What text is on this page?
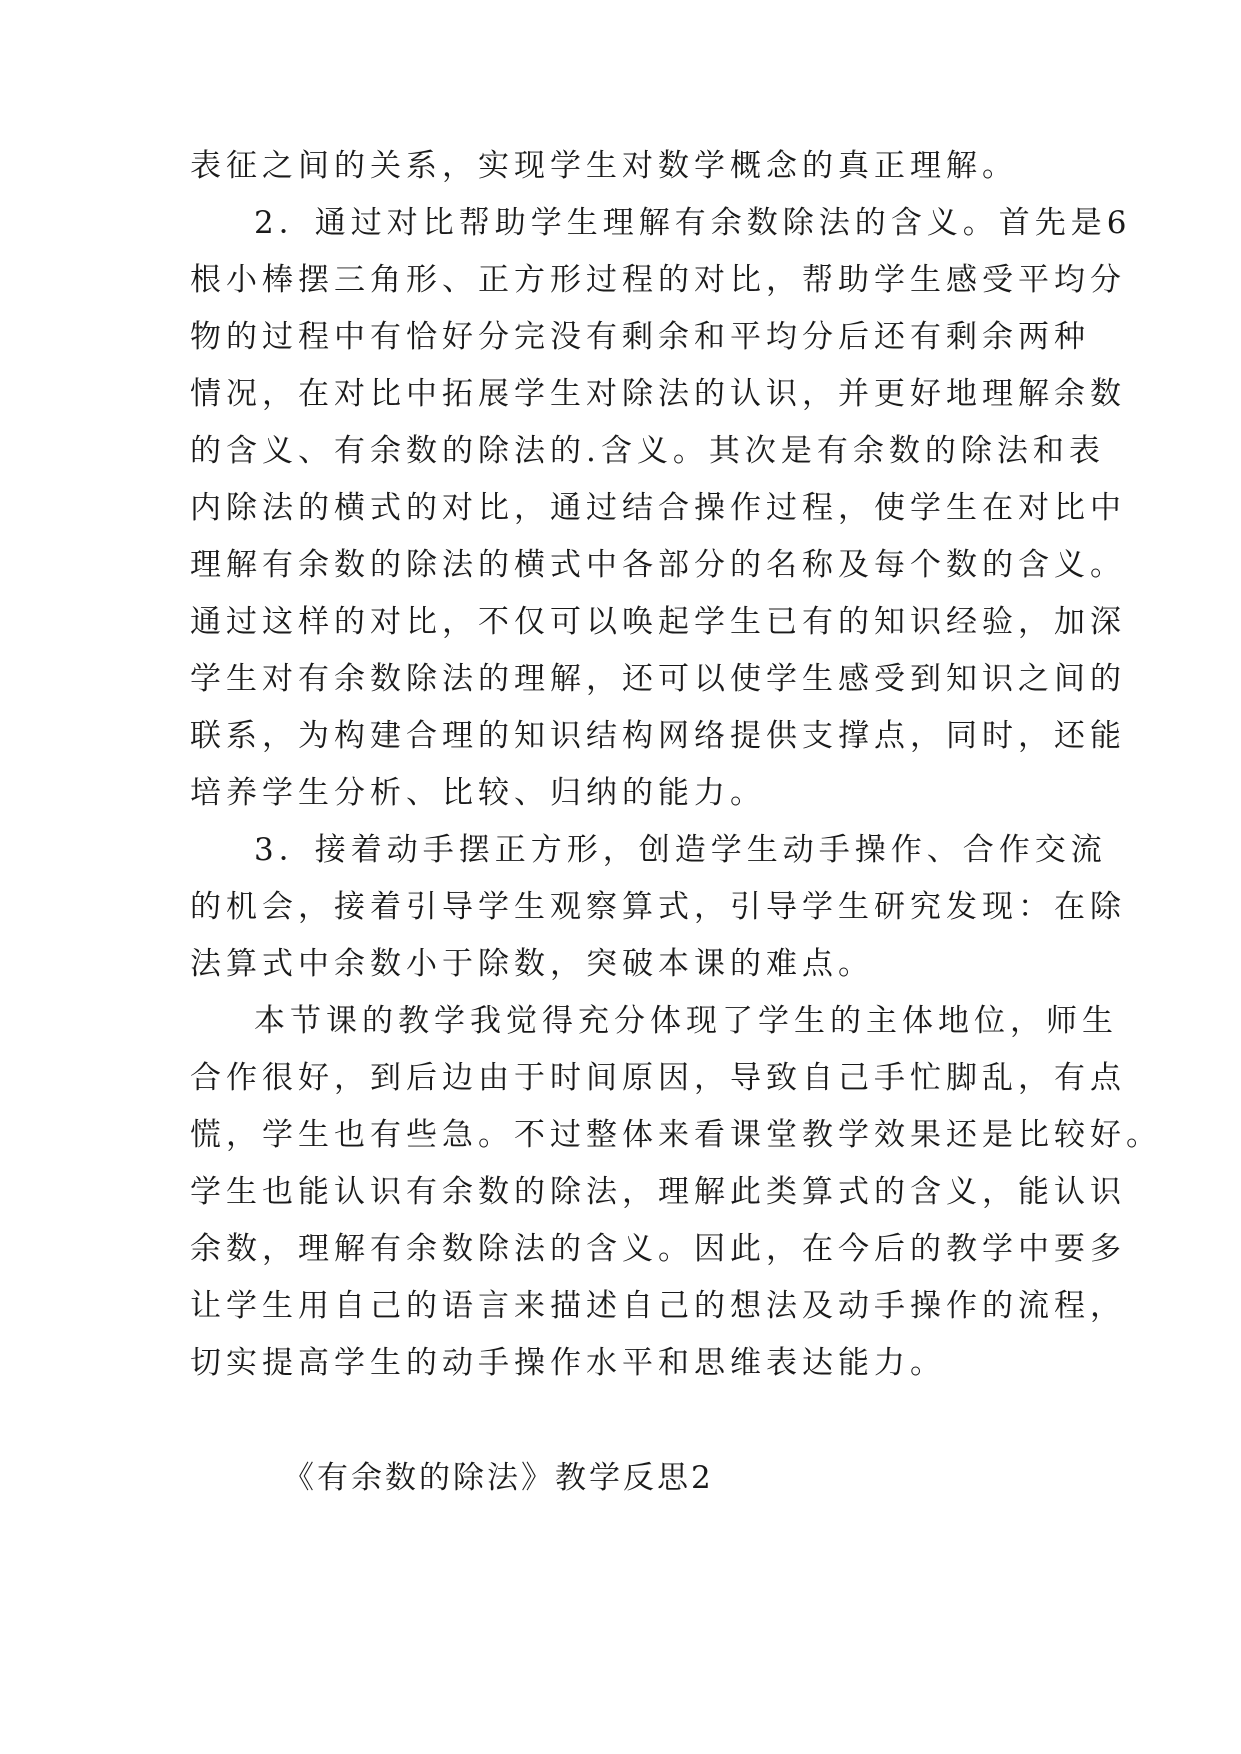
表征之间的关系，实现学生对数学概念的真正理解。
2．通过对比帮助学生理解有余数除法的含义。首先是6
根小棒摆三角形、正方形过程的对比，帮助学生感受平均分
物的过程中有恰好分完没有剩余和平均分后还有剩余两种
情况，在对比中拓展学生对除法的认识，并更好地理解余数
的含义、有余数的除法的.含义。其次是有余数的除法和表
内除法的横式的对比，通过结合操作过程，使学生在对比中
理解有余数的除法的横式中各部分的名称及每个数的含义。
通过这样的对比，不仅可以唤起学生已有的知识经验，加深
学生对有余数除法的理解，还可以使学生感受到知识之间的
联系，为构建合理的知识结构网络提供支撑点，同时，还能
培养学生分析、比较、归纳的能力。
3．接着动手摆正方形，创造学生动手操作、合作交流
的机会，接着引导学生观察算式，引导学生研究发现：在除
法算式中余数小于除数，突破本课的难点。
本节课的教学我觉得充分体现了学生的主体地位，师生
合作很好，到后边由于时间原因，导致自己手忙脚乱，有点
慌，学生也有些急。不过整体来看课堂教学效果还是比较好。
学生也能认识有余数的除法，理解此类算式的含义，能认识
余数，理解有余数除法的含义。因此，在今后的教学中要多
让学生用自己的语言来描述自己的想法及动手操作的流程，
切实提高学生的动手操作水平和思维表达能力。
《有余数的除法》教学反思2
